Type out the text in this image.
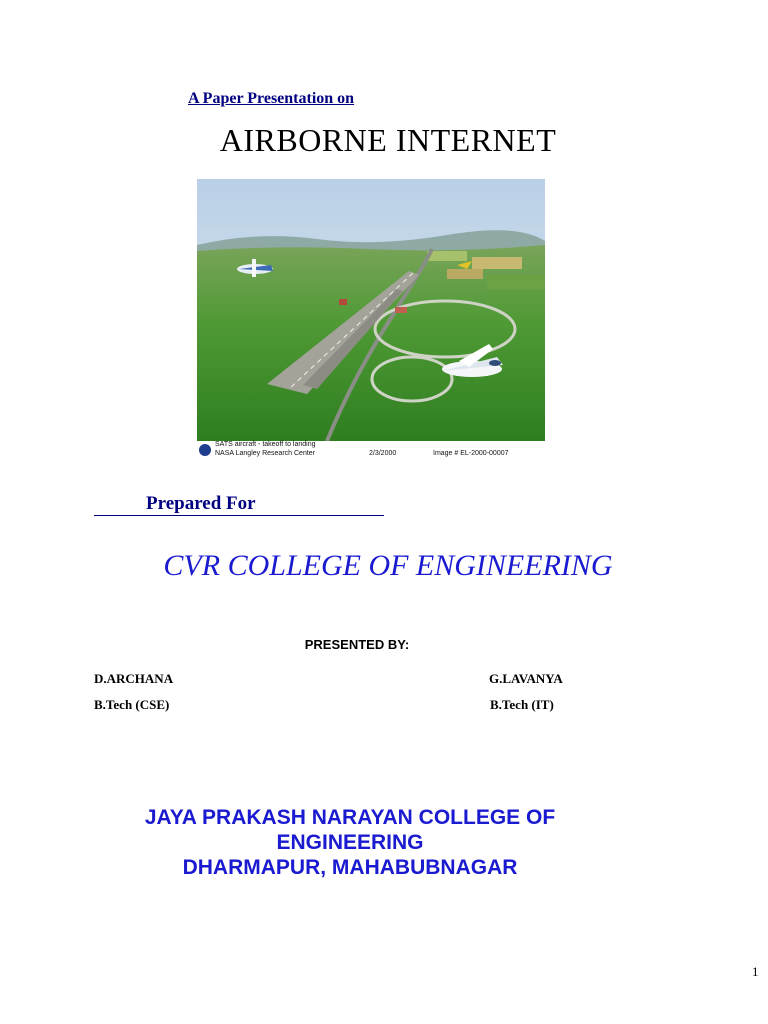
A Paper Presentation on
AIRBORNE INTERNET
SATS aircraft - takeoff to landing
NASA Langley Research Center	2/3/2000	Image # EL-2000-00007
Prepared For
CVR COLLEGE OF ENGINEERING
PRESENTED BY:
D.ARCHANA
B.Tech (CSE)
G.LAVANYA
B.Tech (IT)
JAYA PRAKASH NARAYAN COLLEGE OF
ENGINEERING
DHARMAPUR, MAHABUBNAGAR
1
